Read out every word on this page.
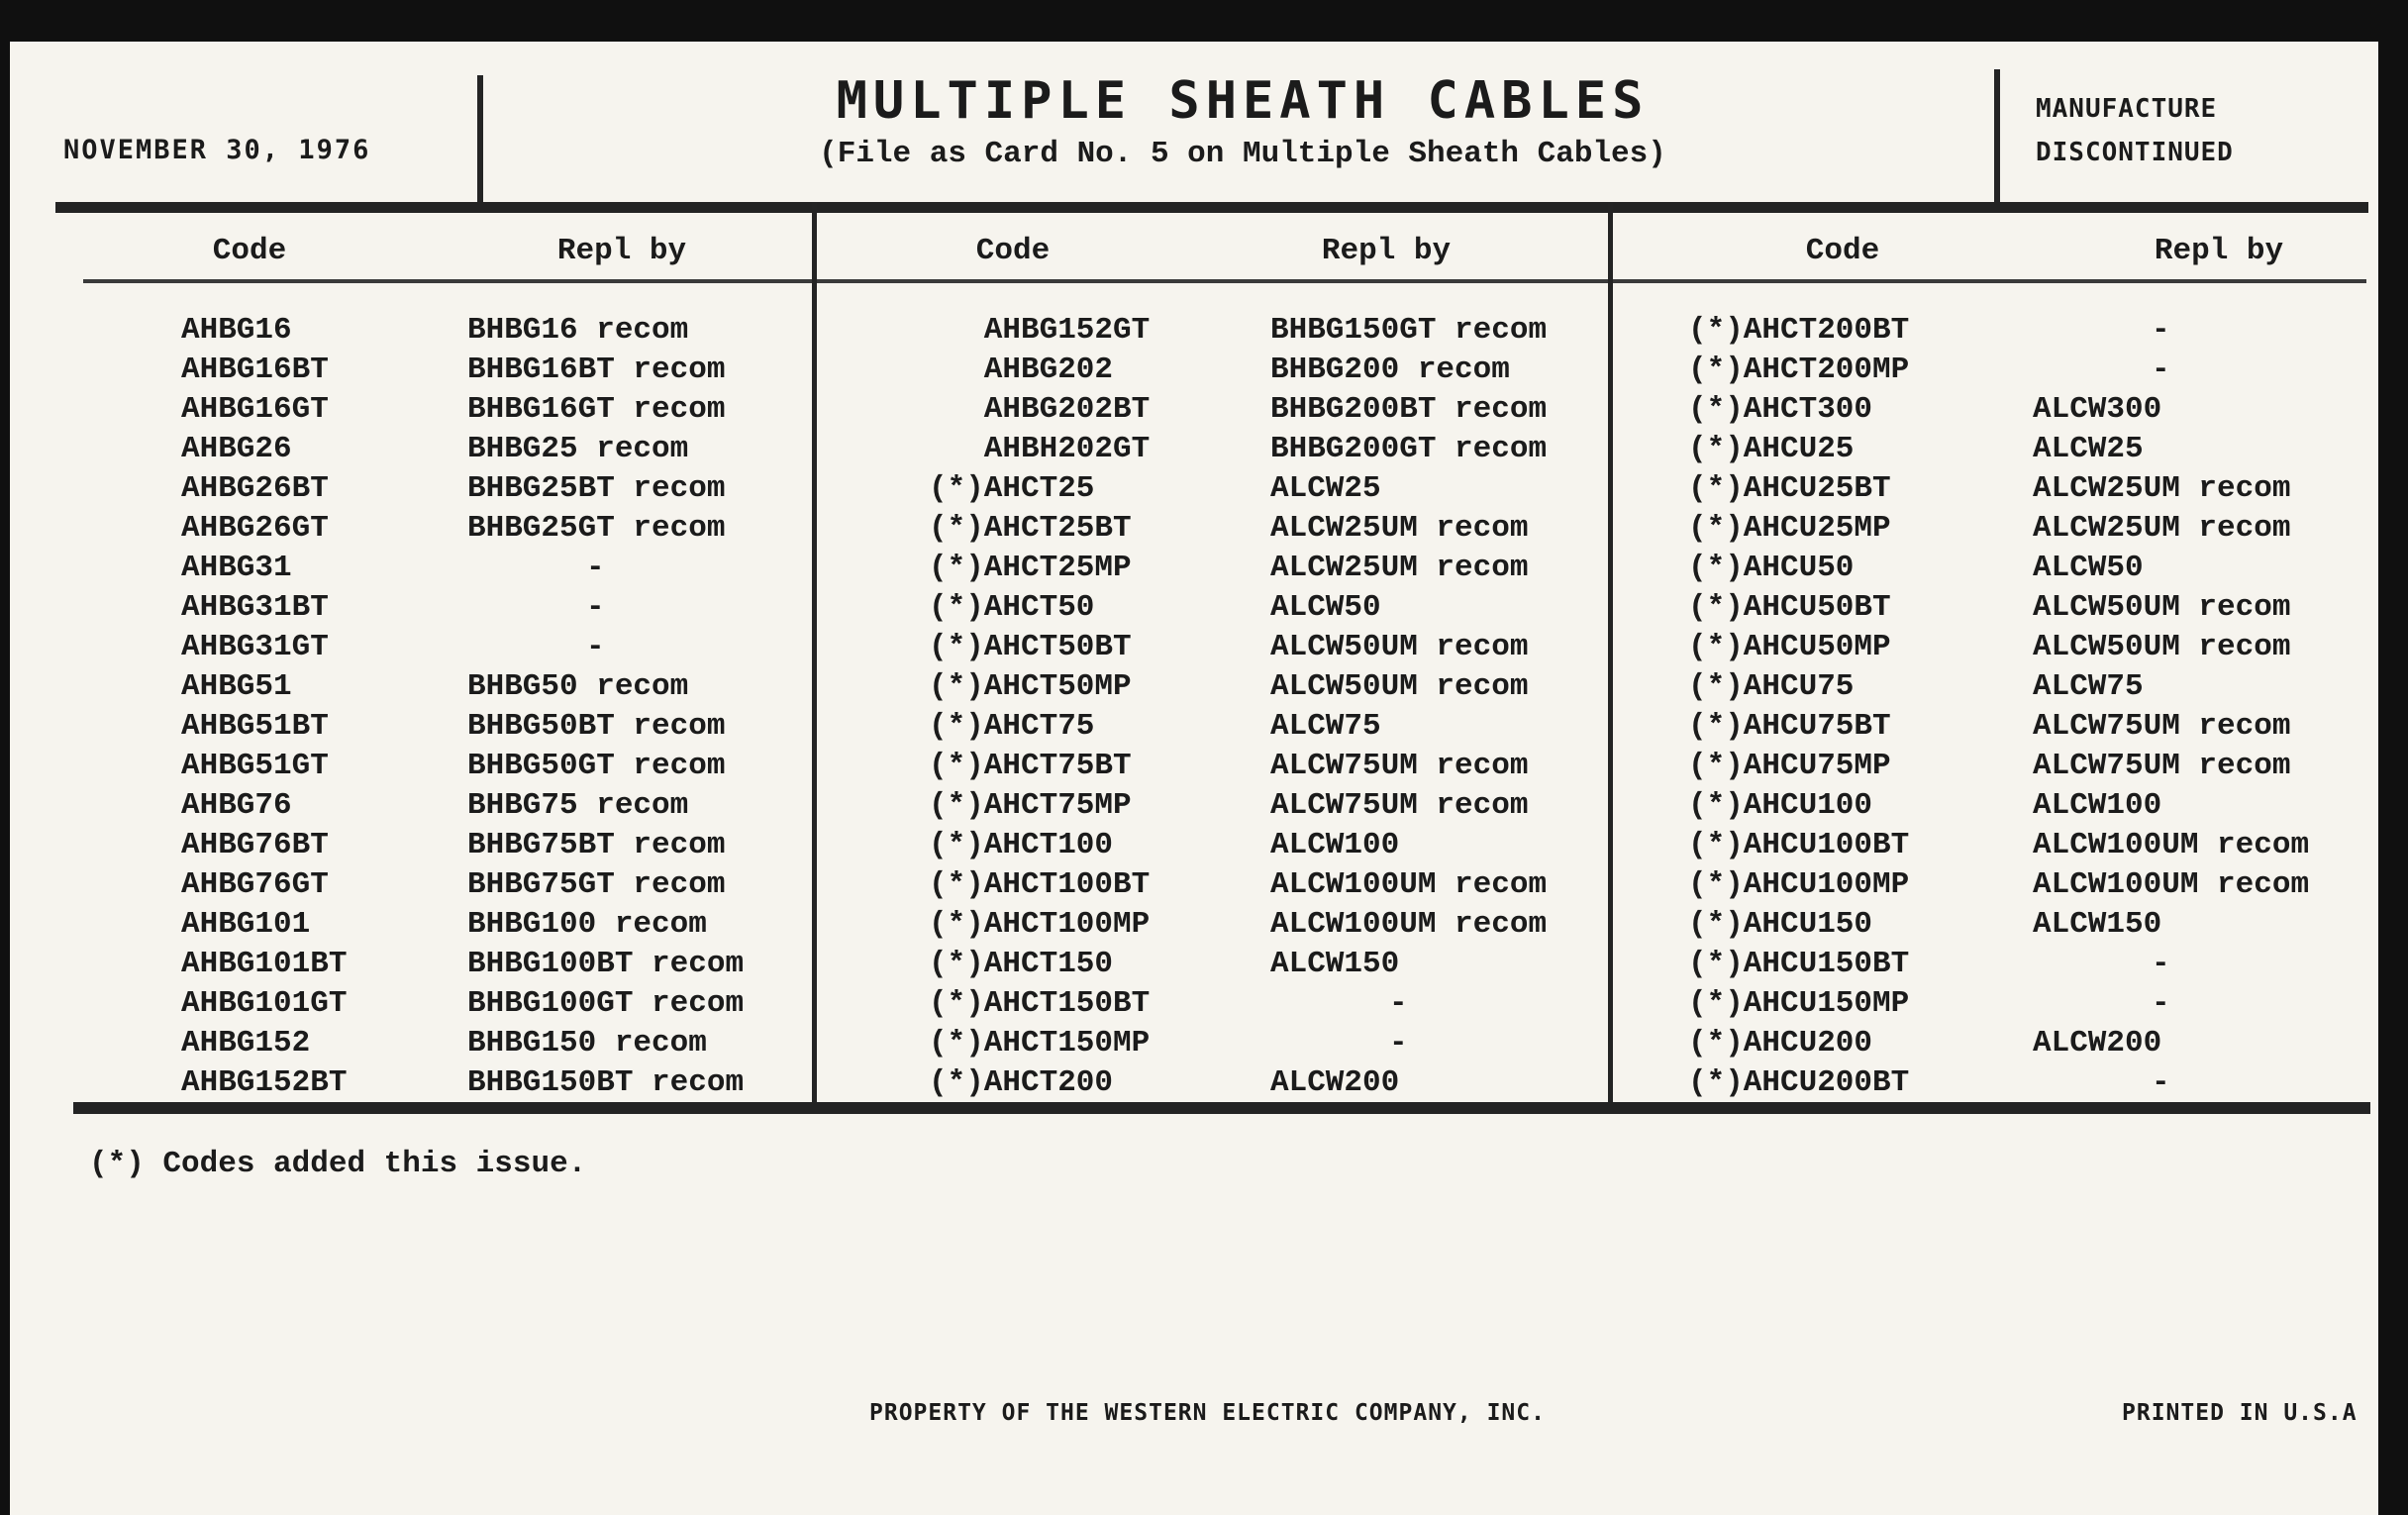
NOVEMBER 30, 1976
MULTIPLE SHEATH CABLES
(File as Card No. 5 on Multiple Sheath Cables)
MANUFACTURE
DISCONTINUED
Code	Repl by	Code	Repl by	Code	Repl by
AHBG16	BHBG16 recom
AHBG16BT	BHBG16BT recom
AHBG16GT	BHBG16GT recom
AHBG26	BHBG25 recom
AHBG26BT	BHBG25BT recom
AHBG26GT	BHBG25GT recom
AHBG31	-
AHBG31BT	-
AHBG31GT	-
AHBG51	BHBG50 recom
AHBG51BT	BHBG50BT recom
AHBG51GT	BHBG50GT recom
AHBG76	BHBG75 recom
AHBG76BT	BHBG75BT recom
AHBG76GT	BHBG75GT recom
AHBG101	BHBG100 recom
AHBG101BT	BHBG100BT recom
AHBG101GT	BHBG100GT recom
AHBG152	BHBG150 recom
AHBG152BT	BHBG150BT recom
AHBG152GT	BHBG150GT recom
AHBG202	BHBG200 recom
AHBG202BT	BHBG200BT recom
AHBH202GT	BHBG200GT recom
(*)AHCT25	ALCW25
(*)AHCT25BT	ALCW25UM recom
(*)AHCT25MP	ALCW25UM recom
(*)AHCT50	ALCW50
(*)AHCT50BT	ALCW50UM recom
(*)AHCT50MP	ALCW50UM recom
(*)AHCT75	ALCW75
(*)AHCT75BT	ALCW75UM recom
(*)AHCT75MP	ALCW75UM recom
(*)AHCT100	ALCW100
(*)AHCT100BT	ALCW100UM recom
(*)AHCT100MP	ALCW100UM recom
(*)AHCT150	ALCW150
(*)AHCT150BT	-
(*)AHCT150MP	-
(*)AHCT200	ALCW200
(*)AHCT200BT	-
(*)AHCT200MP	-
(*)AHCT300	ALCW300
(*)AHCU25	ALCW25
(*)AHCU25BT	ALCW25UM recom
(*)AHCU25MP	ALCW25UM recom
(*)AHCU50	ALCW50
(*)AHCU50BT	ALCW50UM recom
(*)AHCU50MP	ALCW50UM recom
(*)AHCU75	ALCW75
(*)AHCU75BT	ALCW75UM recom
(*)AHCU75MP	ALCW75UM recom
(*)AHCU100	ALCW100
(*)AHCU100BT	ALCW100UM recom
(*)AHCU100MP	ALCW100UM recom
(*)AHCU150	ALCW150
(*)AHCU150BT	-
(*)AHCU150MP	-
(*)AHCU200	ALCW200
(*)AHCU200BT	-
(*) Codes added this issue.
PROPERTY OF THE WESTERN ELECTRIC COMPANY, INC.	PRINTED IN U.S.A
